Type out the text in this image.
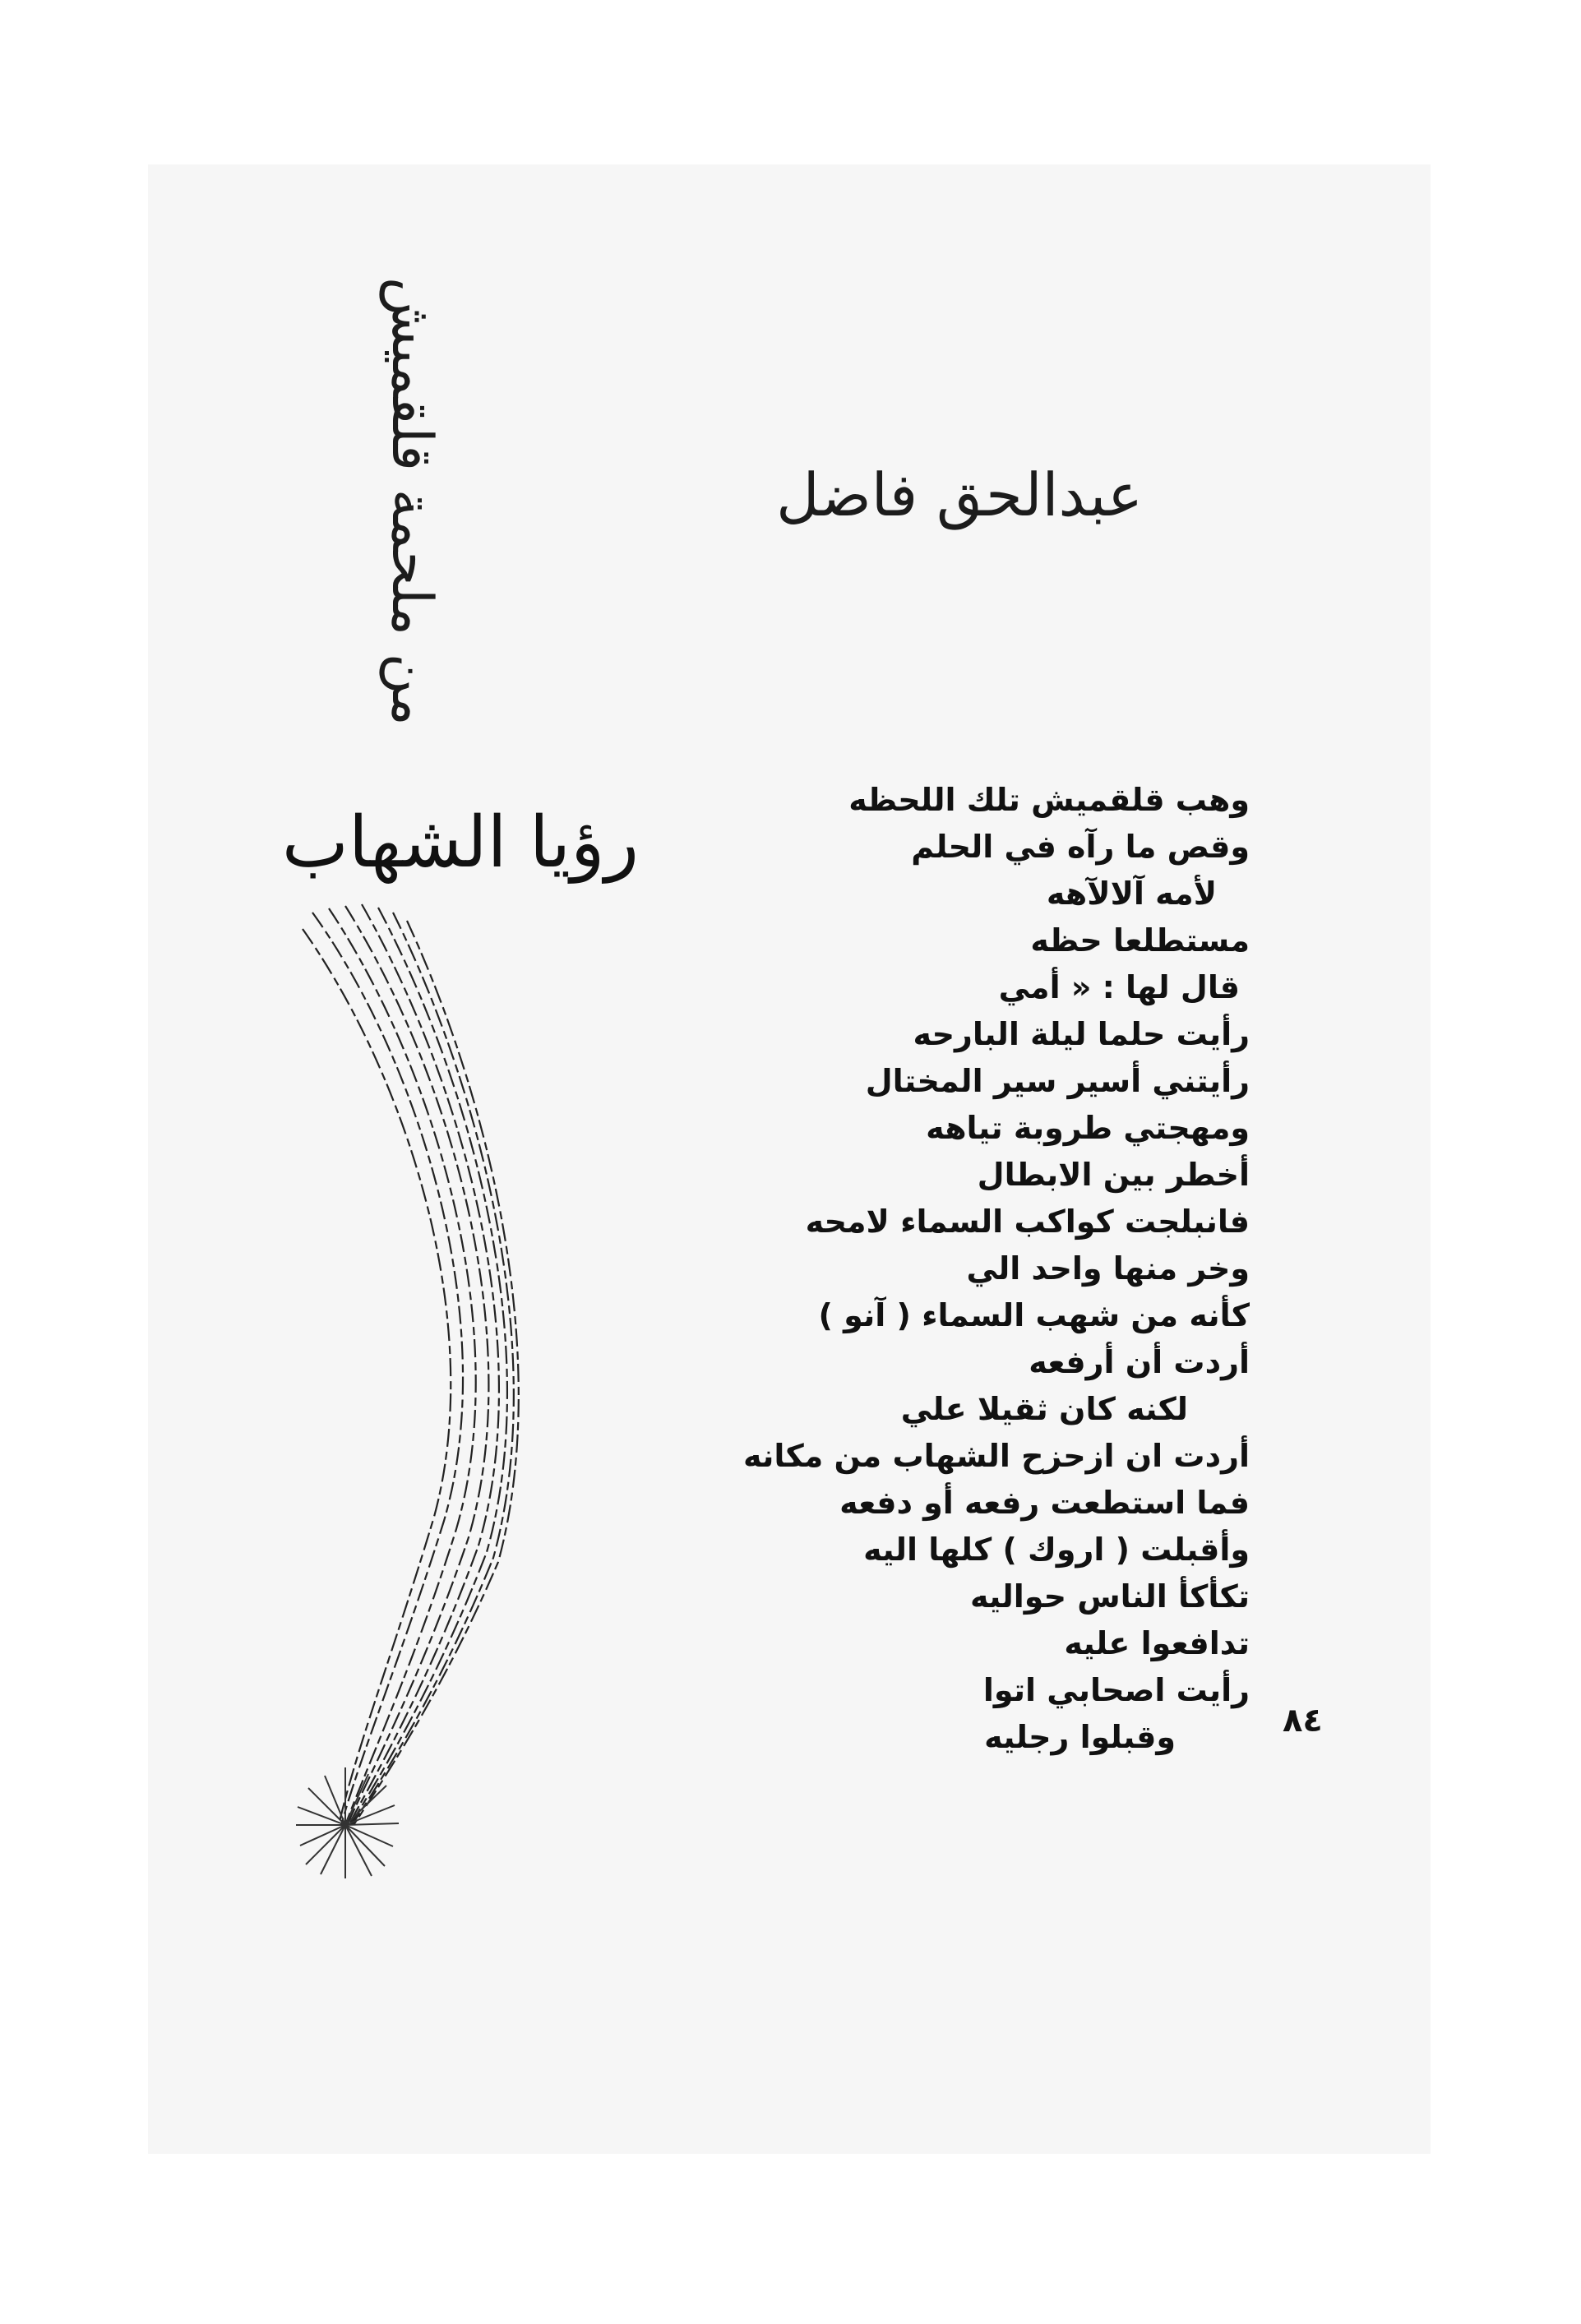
عبدالحق فاضل
من ملحمة قلقميش
رؤيا الشهاب
وهب قلقميش تلك اللحظه
وقص ما رآه في الحلم
لأمه آلالآهه
مستطلعا حظه
قال لها : « أمي
رأيت حلما ليلة البارحه
رأيتني أسير سير المختال
ومهجتي طروبة تياهه
أخطر بين الابطال
فانبلجت كواكب السماء لامحه
وخر منها واحد الي
كأنه من شهب السماء ( آنو )
أردت أن أرفعه
لكنه كان ثقيلا علي
أردت ان ازحزح الشهاب من مكانه
فما استطعت رفعه أو دفعه
وأقبلت ( اروك ) كلها اليه
تكأكأ الناس حواليه
تدافعوا عليه
رأيت اصحابي اتوا
وقبلوا رجليه	٨٤
